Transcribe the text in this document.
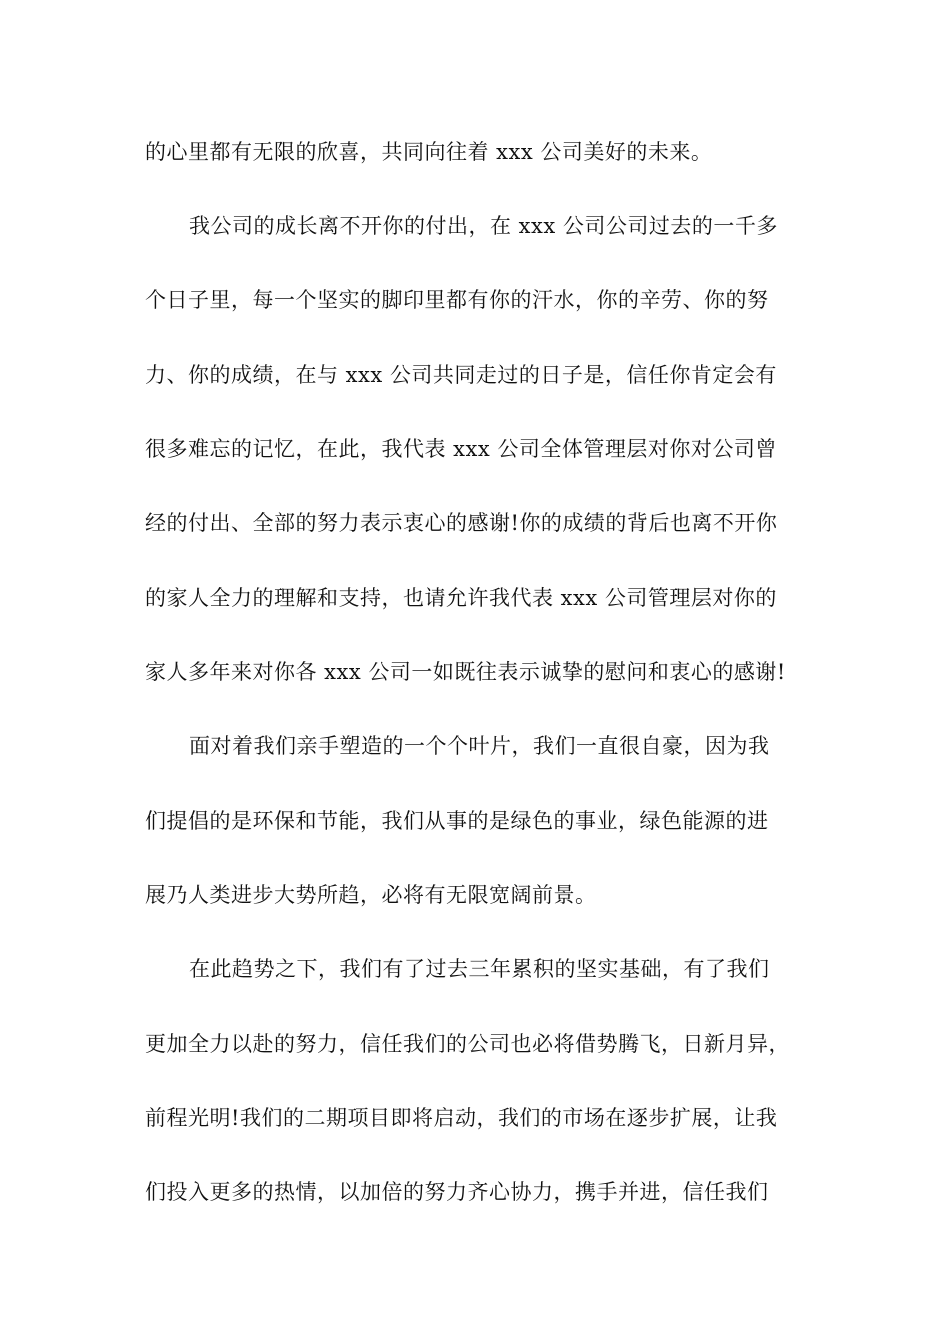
的心里都有无限的欣喜，共同向往着 xxx 公司美好的未来。
我公司的成长离不开你的付出，在 xxx 公司公司过去的一千多
个日子里，每一个坚实的脚印里都有你的汗水，你的辛劳、你的努
力、你的成绩，在与 xxx 公司共同走过的日子是，信任你肯定会有
很多难忘的记忆，在此，我代表 xxx 公司全体管理层对你对公司曾
经的付出、全部的努力表示衷心的感谢!你的成绩的背后也离不开你
的家人全力的理解和支持，也请允许我代表 xxx 公司管理层对你的
家人多年来对你各 xxx 公司一如既往表示诚挚的慰问和衷心的感谢!
面对着我们亲手塑造的一个个叶片，我们一直很自豪，因为我
们提倡的是环保和节能，我们从事的是绿色的事业，绿色能源的进
展乃人类进步大势所趋，必将有无限宽阔前景。
在此趋势之下，我们有了过去三年累积的坚实基础，有了我们
更加全力以赴的努力，信任我们的公司也必将借势腾飞，日新月异，
前程光明!我们的二期项目即将启动，我们的市场在逐步扩展，让我
们投入更多的热情，以加倍的努力齐心协力，携手并进，信任我们
